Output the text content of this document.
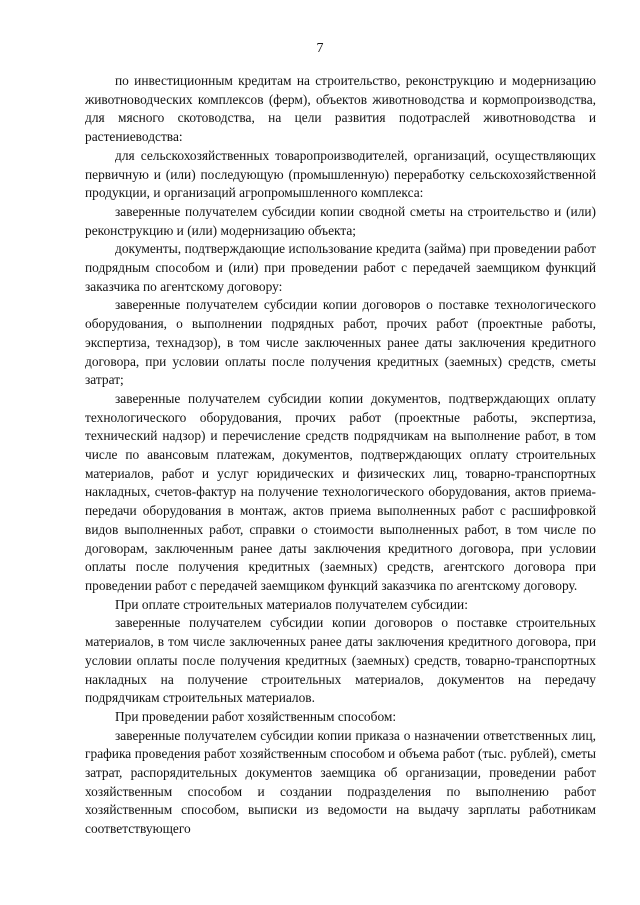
7

по инвестиционным кредитам на строительство, реконструкцию и модернизацию животноводческих комплексов (ферм), объектов животноводства и кормопроизводства, для мясного скотоводства, на цели развития подотраслей животноводства и растениеводства:

для сельскохозяйственных товаропроизводителей, организаций, осуществляющих первичную и (или) последующую (промышленную) переработку сельскохозяйственной продукции, и организаций агропромышленного комплекса:

заверенные получателем субсидии копии сводной сметы на строительство и (или) реконструкцию и (или) модернизацию объекта;

документы, подтверждающие использование кредита (займа) при проведении работ подрядным способом и (или) при проведении работ с передачей заемщиком функций заказчика по агентскому договору:

заверенные получателем субсидии копии договоров о поставке технологического оборудования, о выполнении подрядных работ, прочих работ (проектные работы, экспертиза, технадзор), в том числе заключенных ранее даты заключения кредитного договора, при условии оплаты после получения кредитных (заемных) средств, сметы затрат;

заверенные получателем субсидии копии документов, подтверждающих оплату технологического оборудования, прочих работ (проектные работы, экспертиза, технический надзор) и перечисление средств подрядчикам на выполнение работ, в том числе по авансовым платежам, документов, подтверждающих оплату строительных материалов, работ и услуг юридических и физических лиц, товарно-транспортных накладных, счетов-фактур на получение технологического оборудования, актов приема-передачи оборудования в монтаж, актов приема выполненных работ с расшифровкой видов выполненных работ, справки о стоимости выполненных работ, в том числе по договорам, заключенным ранее даты заключения кредитного договора, при условии оплаты после получения кредитных (заемных) средств, агентского договора при проведении работ с передачей заемщиком функций заказчика по агентскому договору.

При оплате строительных материалов получателем субсидии:

заверенные получателем субсидии копии договоров о поставке строительных материалов, в том числе заключенных ранее даты заключения кредитного договора, при условии оплаты после получения кредитных (заемных) средств, товарно-транспортных накладных на получение строительных материалов, документов на передачу подрядчикам строительных материалов.

При проведении работ хозяйственным способом:

заверенные получателем субсидии копии приказа о назначении ответственных лиц, графика проведения работ хозяйственным способом и объема работ (тыс. рублей), сметы затрат, распорядительных документов заемщика об организации, проведении работ хозяйственным способом и создании подразделения по выполнению работ хозяйственным способом, выписки из ведомости на выдачу зарплаты работникам соответствующего
